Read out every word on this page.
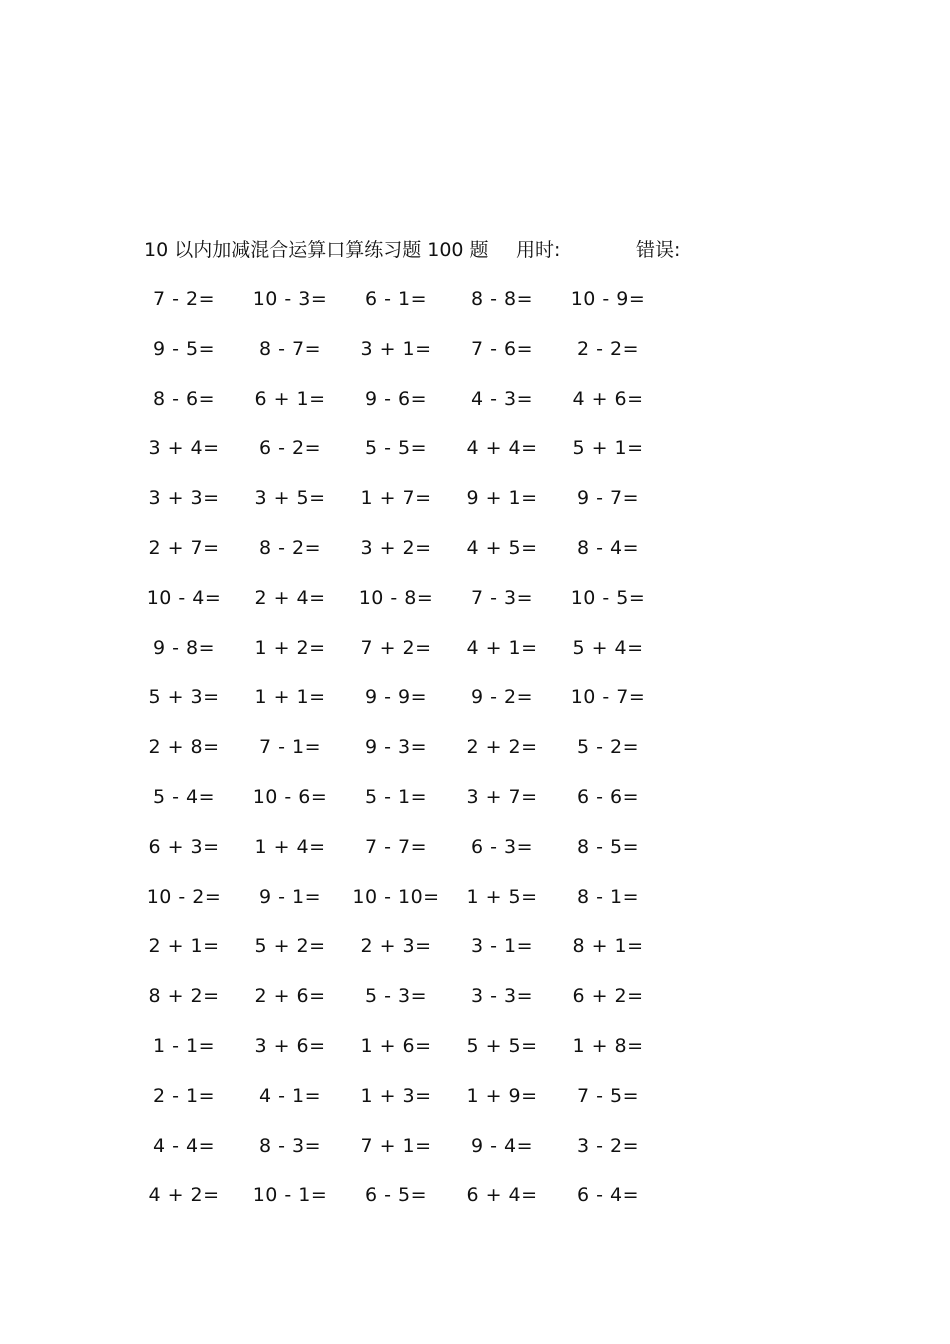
10 以内加减混合运算口算练习题 100 题 用时:	错误:
7 - 2= 10 - 3= 6 - 1= 8 - 8= 10 - 9=
9 - 5= 8 - 7= 3 + 1= 7 - 6= 2 - 2=
8 - 6= 6 + 1= 9 - 6= 4 - 3= 4 + 6=
3 + 4= 6 - 2= 5 - 5= 4 + 4= 5 + 1=
3 + 3= 3 + 5= 1 + 7= 9 + 1= 9 - 7=
2 + 7= 8 - 2= 3 + 2= 4 + 5= 8 - 4=
10 - 4= 2 + 4= 10 - 8= 7 - 3= 10 - 5=
9 - 8= 1 + 2= 7 + 2= 4 + 1= 5 + 4=
5 + 3= 1 + 1= 9 - 9= 9 - 2= 10 - 7=
2 + 8= 7 - 1= 9 - 3= 2 + 2= 5 - 2=
5 - 4= 10 - 6= 5 - 1= 3 + 7= 6 - 6=
6 + 3= 1 + 4= 7 - 7= 6 - 3= 8 - 5=
10 - 2= 9 - 1= 10 - 10= 1 + 5= 8 - 1=
2 + 1= 5 + 2= 2 + 3= 3 - 1= 8 + 1=
8 + 2= 2 + 6= 5 - 3= 3 - 3= 6 + 2=
1 - 1= 3 + 6= 1 + 6= 5 + 5= 1 + 8=
2 - 1= 4 - 1= 1 + 3= 1 + 9= 7 - 5=
4 - 4= 8 - 3= 7 + 1= 9 - 4= 3 - 2=
4 + 2= 10 - 1= 6 - 5= 6 + 4= 6 - 4=
